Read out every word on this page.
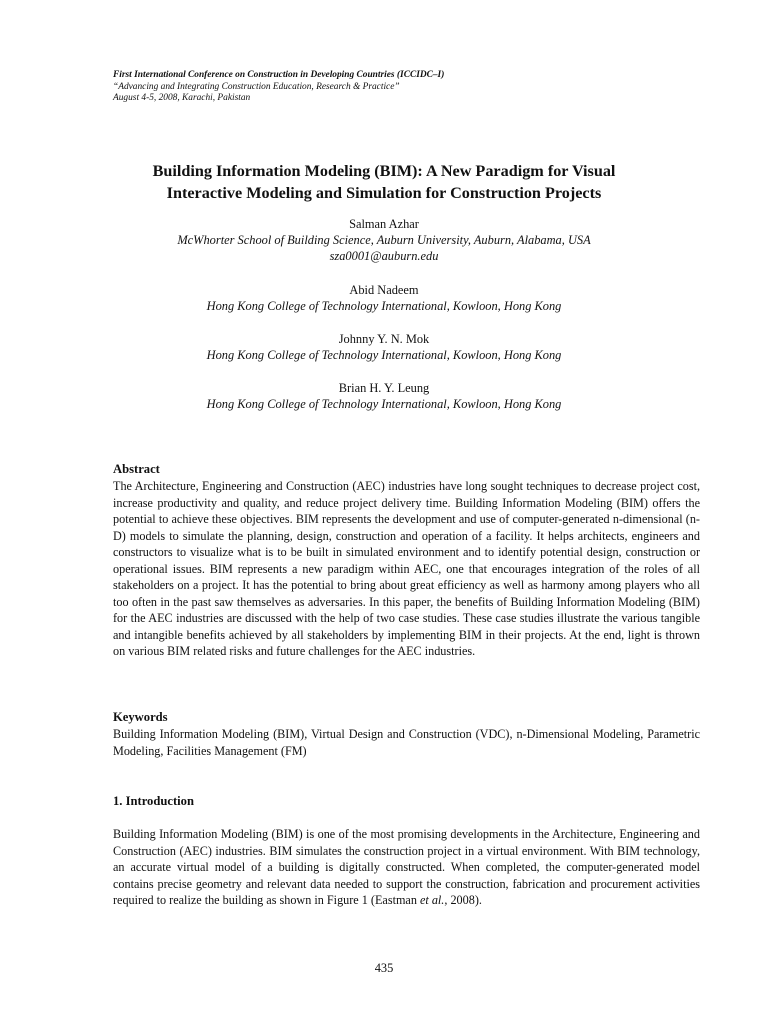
First International Conference on Construction in Developing Countries (ICCIDC–I)
“Advancing and Integrating Construction Education, Research & Practice”
August 4-5, 2008, Karachi, Pakistan
Building Information Modeling (BIM): A New Paradigm for Visual
Interactive Modeling and Simulation for Construction Projects
Salman Azhar
McWhorter School of Building Science, Auburn University, Auburn, Alabama, USA
sza0001@auburn.edu
Abid Nadeem
Hong Kong College of Technology International, Kowloon, Hong Kong
Johnny Y. N. Mok
Hong Kong College of Technology International, Kowloon, Hong Kong
Brian H. Y. Leung
Hong Kong College of Technology International, Kowloon, Hong Kong
Abstract
The Architecture, Engineering and Construction (AEC) industries have long sought techniques to decrease project cost, increase productivity and quality, and reduce project delivery time. Building Information Modeling (BIM) offers the potential to achieve these objectives. BIM represents the development and use of computer-generated n-dimensional (n-D) models to simulate the planning, design, construction and operation of a facility. It helps architects, engineers and constructors to visualize what is to be built in simulated environment and to identify potential design, construction or operational issues. BIM represents a new paradigm within AEC, one that encourages integration of the roles of all stakeholders on a project. It has the potential to bring about great efficiency as well as harmony among players who all too often in the past saw themselves as adversaries. In this paper, the benefits of Building Information Modeling (BIM) for the AEC industries are discussed with the help of two case studies. These case studies illustrate the various tangible and intangible benefits achieved by all stakeholders by implementing BIM in their projects. At the end, light is thrown on various BIM related risks and future challenges for the AEC industries.
Keywords
Building Information Modeling (BIM), Virtual Design and Construction (VDC), n-Dimensional Modeling, Parametric Modeling, Facilities Management (FM)
1. Introduction
Building Information Modeling (BIM) is one of the most promising developments in the Architecture, Engineering and Construction (AEC) industries. BIM simulates the construction project in a virtual environment. With BIM technology, an accurate virtual model of a building is digitally constructed. When completed, the computer-generated model contains precise geometry and relevant data needed to support the construction, fabrication and procurement activities required to realize the building as shown in Figure 1 (Eastman et al., 2008).
435
